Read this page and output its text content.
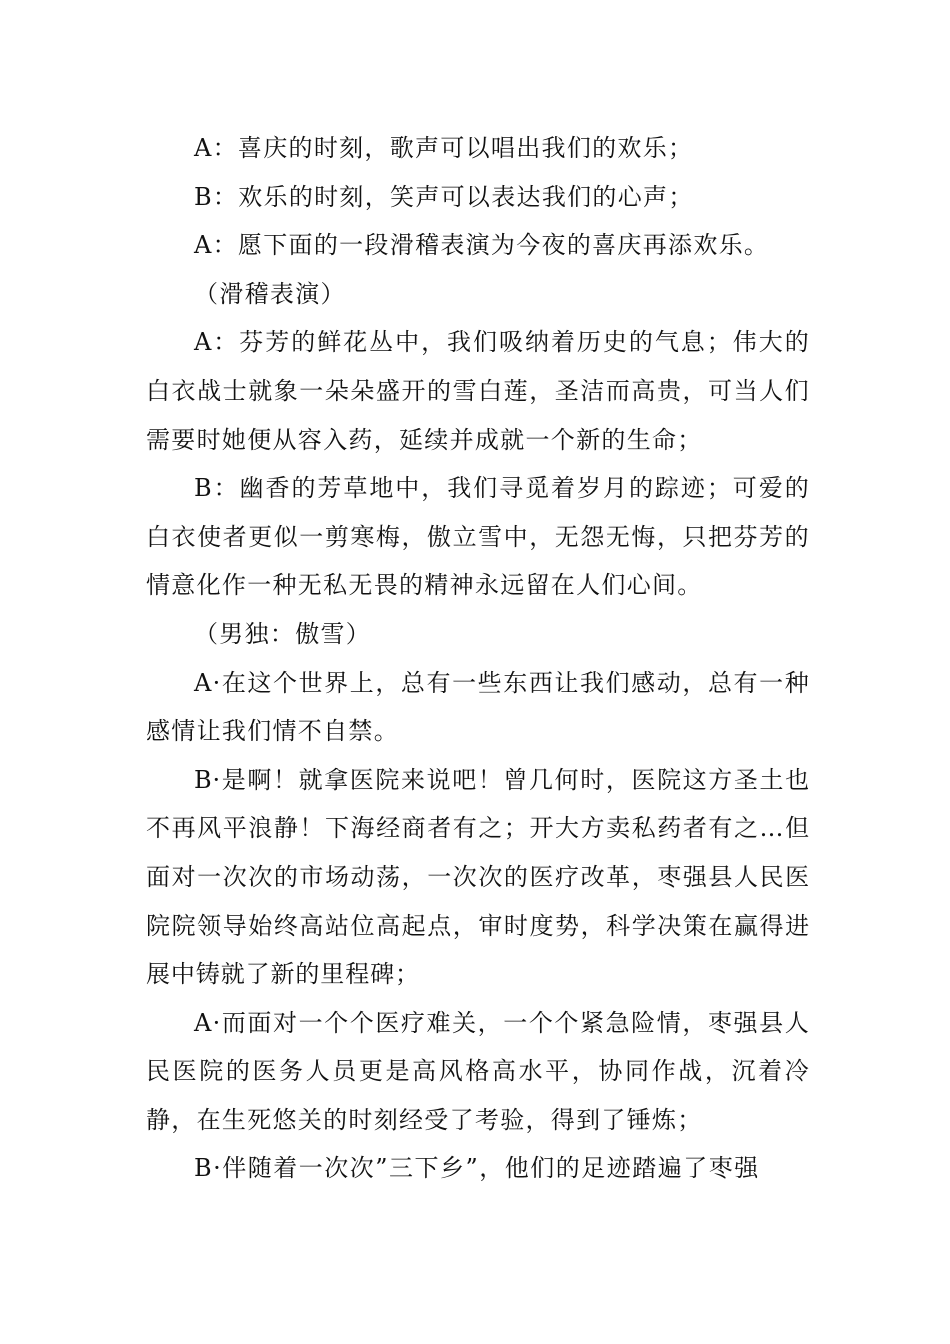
A：喜庆的时刻，歌声可以唱出我们的欢乐；

B：欢乐的时刻，笑声可以表达我们的心声；

A：愿下面的一段滑稽表演为今夜的喜庆再添欢乐。

（滑稽表演）

A：芬芳的鲜花丛中，我们吸纳着历史的气息；伟大的白衣战士就象一朵朵盛开的雪白莲，圣洁而高贵，可当人们需要时她便从容入药，延续并成就一个新的生命；

B：幽香的芳草地中，我们寻觅着岁月的踪迹；可爱的白衣使者更似一剪寒梅，傲立雪中，无怨无悔，只把芬芳的情意化作一种无私无畏的精神永远留在人们心间。

（男独：傲雪）

A·在这个世界上，总有一些东西让我们感动，总有一种感情让我们情不自禁。

B·是啊！就拿医院来说吧！曾几何时，医院这方圣土也不再风平浪静！下海经商者有之；开大方卖私药者有之…但面对一次次的市场动荡，一次次的医疗改革，枣强县人民医院院领导始终高站位高起点，审时度势，科学决策在赢得进展中铸就了新的里程碑；

A·而面对一个个医疗难关，一个个紧急险情，枣强县人民医院的医务人员更是高风格高水平，协同作战，沉着冷静，在生死悠关的时刻经受了考验，得到了锤炼；

B·伴随着一次次”三下乡”，他们的足迹踏遍了枣强
